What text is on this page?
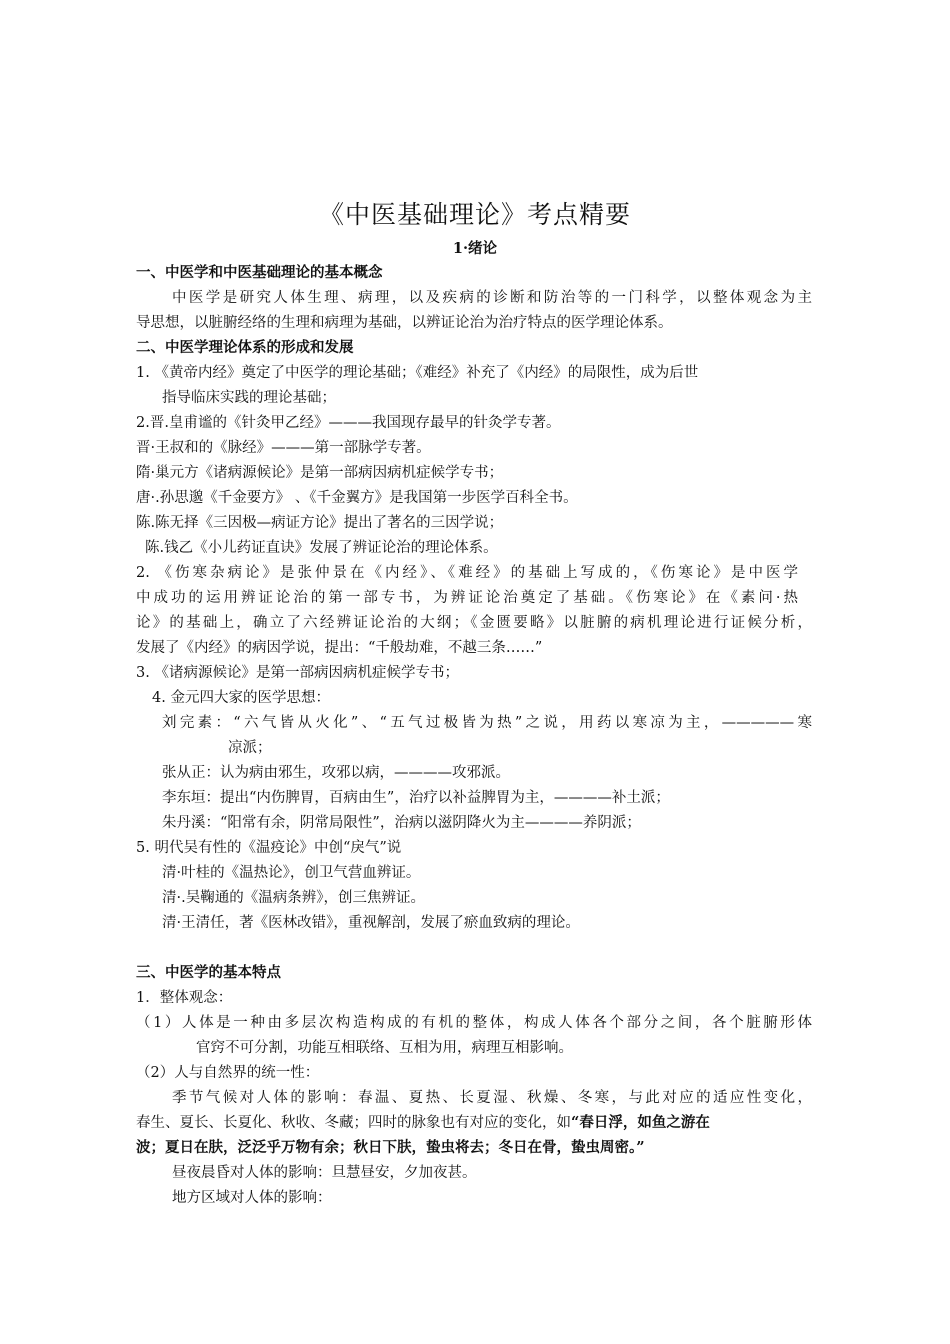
《中医基础理论》考点精要
1·绪论
一、中医学和中医基础理论的基本概念
中医学是研究人体生理、病理，以及疾病的诊断和防治等的一门科学，以整体观念为主
导思想，以脏腑经络的生理和病理为基础，以辨证论治为治疗特点的医学理论体系。
二、中医学理论体系的形成和发展
1. 《黄帝内经》奠定了中医学的理论基础；《难经》补充了《内经》的局限性，成为后世
指导临床实践的理论基础；
2.晋.皇甫谧的《针灸甲乙经》———我国现存最早的针灸学专著。
晋·王叔和的《脉经》———第一部脉学专著。
隋·巢元方《诸病源候论》是第一部病因病机症候学专书；
唐·.孙思邈《千金要方》 、《千金翼方》是我国第一步医学百科全书。
陈.陈无择《三因极—病证方论》提出了著名的三因学说；
陈.钱乙《小儿药证直诀》发展了辨证论治的理论体系。
2. 《伤寒杂病论》是张仲景在《内经》、《难经》的基础上写成的，《伤寒论》是中医学
中成功的运用辨证论治的第一部专书，为辨证论治奠定了基础。《伤寒论》在《素问·热
论》的基础上，确立了六经辨证论治的大纲；《金匮要略》以脏腑的病机理论进行证候分析，
发展了《内经》的病因学说，提出：“千般劫难，不越三条……”
3. 《诸病源候论》是第一部病因病机症候学专书；
4. 金元四大家的医学思想：
刘完素：“六气皆从火化”、“五气过极皆为热”之说，用药以寒凉为主，—————寒
凉派；
张从正：认为病由邪生，攻邪以病，————攻邪派。
李东垣：提出“内伤脾胃，百病由生”，治疗以补益脾胃为主，————补土派；
朱丹溪：“阳常有余，阴常局限性”，治病以滋阴降火为主————养阴派；
5. 明代吴有性的《温疫论》中创“戾气”说
清·叶桂的《温热论》，创卫气营血辨证。
清·.吴鞠通的《温病条辨》，创三焦辨证。
清·王清任，著《医林改错》，重视解剖，发展了瘀血致病的理论。
三、中医学的基本特点
1．整体观念：
（1）人体是一种由多层次构造构成的有机的整体，构成人体各个部分之间，各个脏腑形体
官窍不可分割，功能互相联络、互相为用，病理互相影响。
（2）人与自然界的统一性：
季节气候对人体的影响：春温、夏热、长夏湿、秋燥、冬寒，与此对应的适应性变化，
春生、夏长、长夏化、秋收、冬藏；四时的脉象也有对应的变化，如“春日浮，如鱼之游在
波；夏日在肤，泛泛乎万物有余；秋日下肤，蛰虫将去；冬日在骨，蛰虫周密。”
昼夜晨昏对人体的影响：旦慧昼安，夕加夜甚。
地方区域对人体的影响：
